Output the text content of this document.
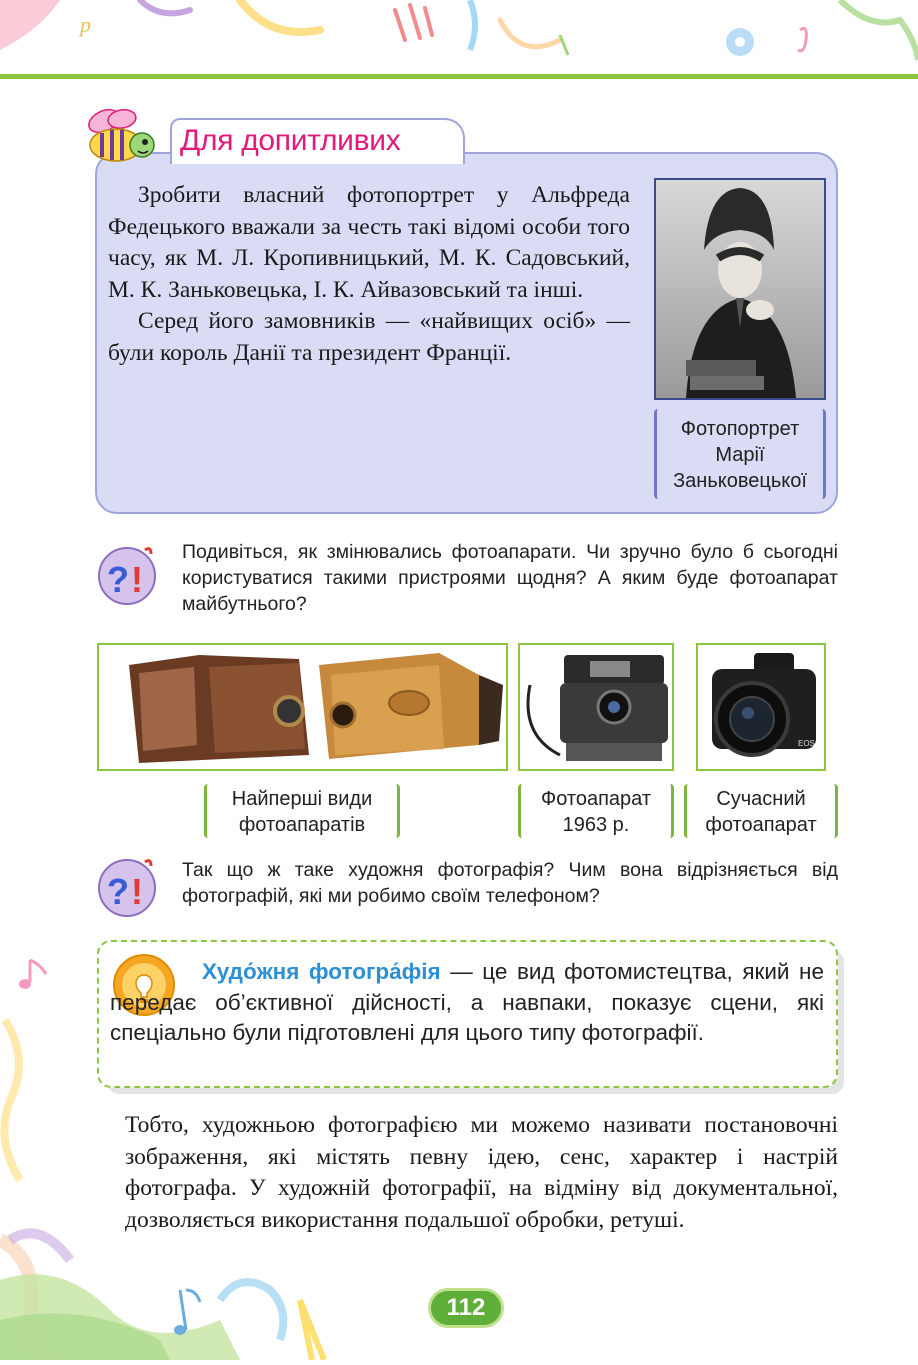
p
Для допитливих

Зробити власний фотопортрет у Альфреда Федецького вважали за честь такі відомі особи того часу, як М. Л. Кропивницький, М. К. Садовський, М. К. Заньковецька, І. К. Айвазовський та інші.

Серед його замовників — «найвищих осіб» — були король Данії та президент Франції.

Фотопортрет
Марії
Заньковецької
? !
Подивіться, як змінювались фотоапарати. Чи зручно було б сьогодні користуватися такими пристроями щодня? А яким буде фотоапарат майбутнього?
EOS
Найперші види
фотоапаратів
Фотоапарат
1963 р.
Сучасний
фотоапарат
? !
Так що ж таке художня фотографія? Чим вона відрізняється від фотографій, які ми робимо своїм телефоном?
Худо́жня фотогра́фія — це вид фотомистецтва, який не передає об’єктивної дійсності, а навпаки, показує сцени, які спеціально були підготовлені для цього типу фотографії.
Тобто, художньою фотографією ми можемо називати постановочні зображення, які містять певну ідею, сенс, характер і настрій фотографа. У художній фотографії, на відміну від документальної, дозволяється використання подальшої обробки, ретуші.
112
